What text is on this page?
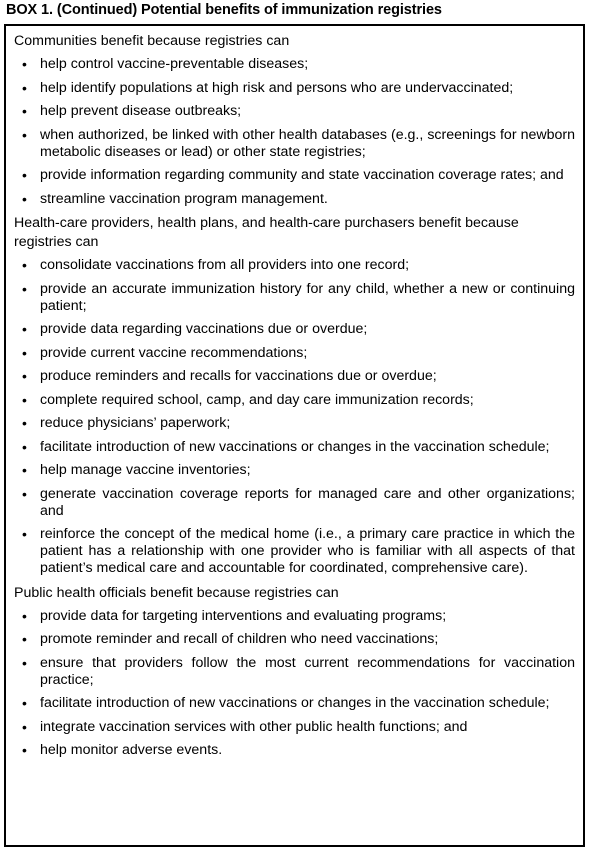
BOX 1. (Continued) Potential benefits of immunization registries
Communities benefit because registries can
• help control vaccine-preventable diseases;
• help identify populations at high risk and persons who are undervaccinated;
• help prevent disease outbreaks;
• when authorized, be linked with other health databases (e.g., screenings for newborn metabolic diseases or lead) or other state registries;
• provide information regarding community and state vaccination coverage rates; and
• streamline vaccination program management.
Health-care providers, health plans, and health-care purchasers benefit because registries can
• consolidate vaccinations from all providers into one record;
• provide an accurate immunization history for any child, whether a new or continuing patient;
• provide data regarding vaccinations due or overdue;
• provide current vaccine recommendations;
• produce reminders and recalls for vaccinations due or overdue;
• complete required school, camp, and day care immunization records;
• reduce physicians’ paperwork;
• facilitate introduction of new vaccinations or changes in the vaccination schedule;
• help manage vaccine inventories;
• generate vaccination coverage reports for managed care and other organizations; and
• reinforce the concept of the medical home (i.e., a primary care practice in which the patient has a relationship with one provider who is familiar with all aspects of that patient’s medical care and accountable for coordinated, comprehensive care).
Public health officials benefit because registries can
• provide data for targeting interventions and evaluating programs;
• promote reminder and recall of children who need vaccinations;
• ensure that providers follow the most current recommendations for vaccination practice;
• facilitate introduction of new vaccinations or changes in the vaccination schedule;
• integrate vaccination services with other public health functions; and
• help monitor adverse events.
